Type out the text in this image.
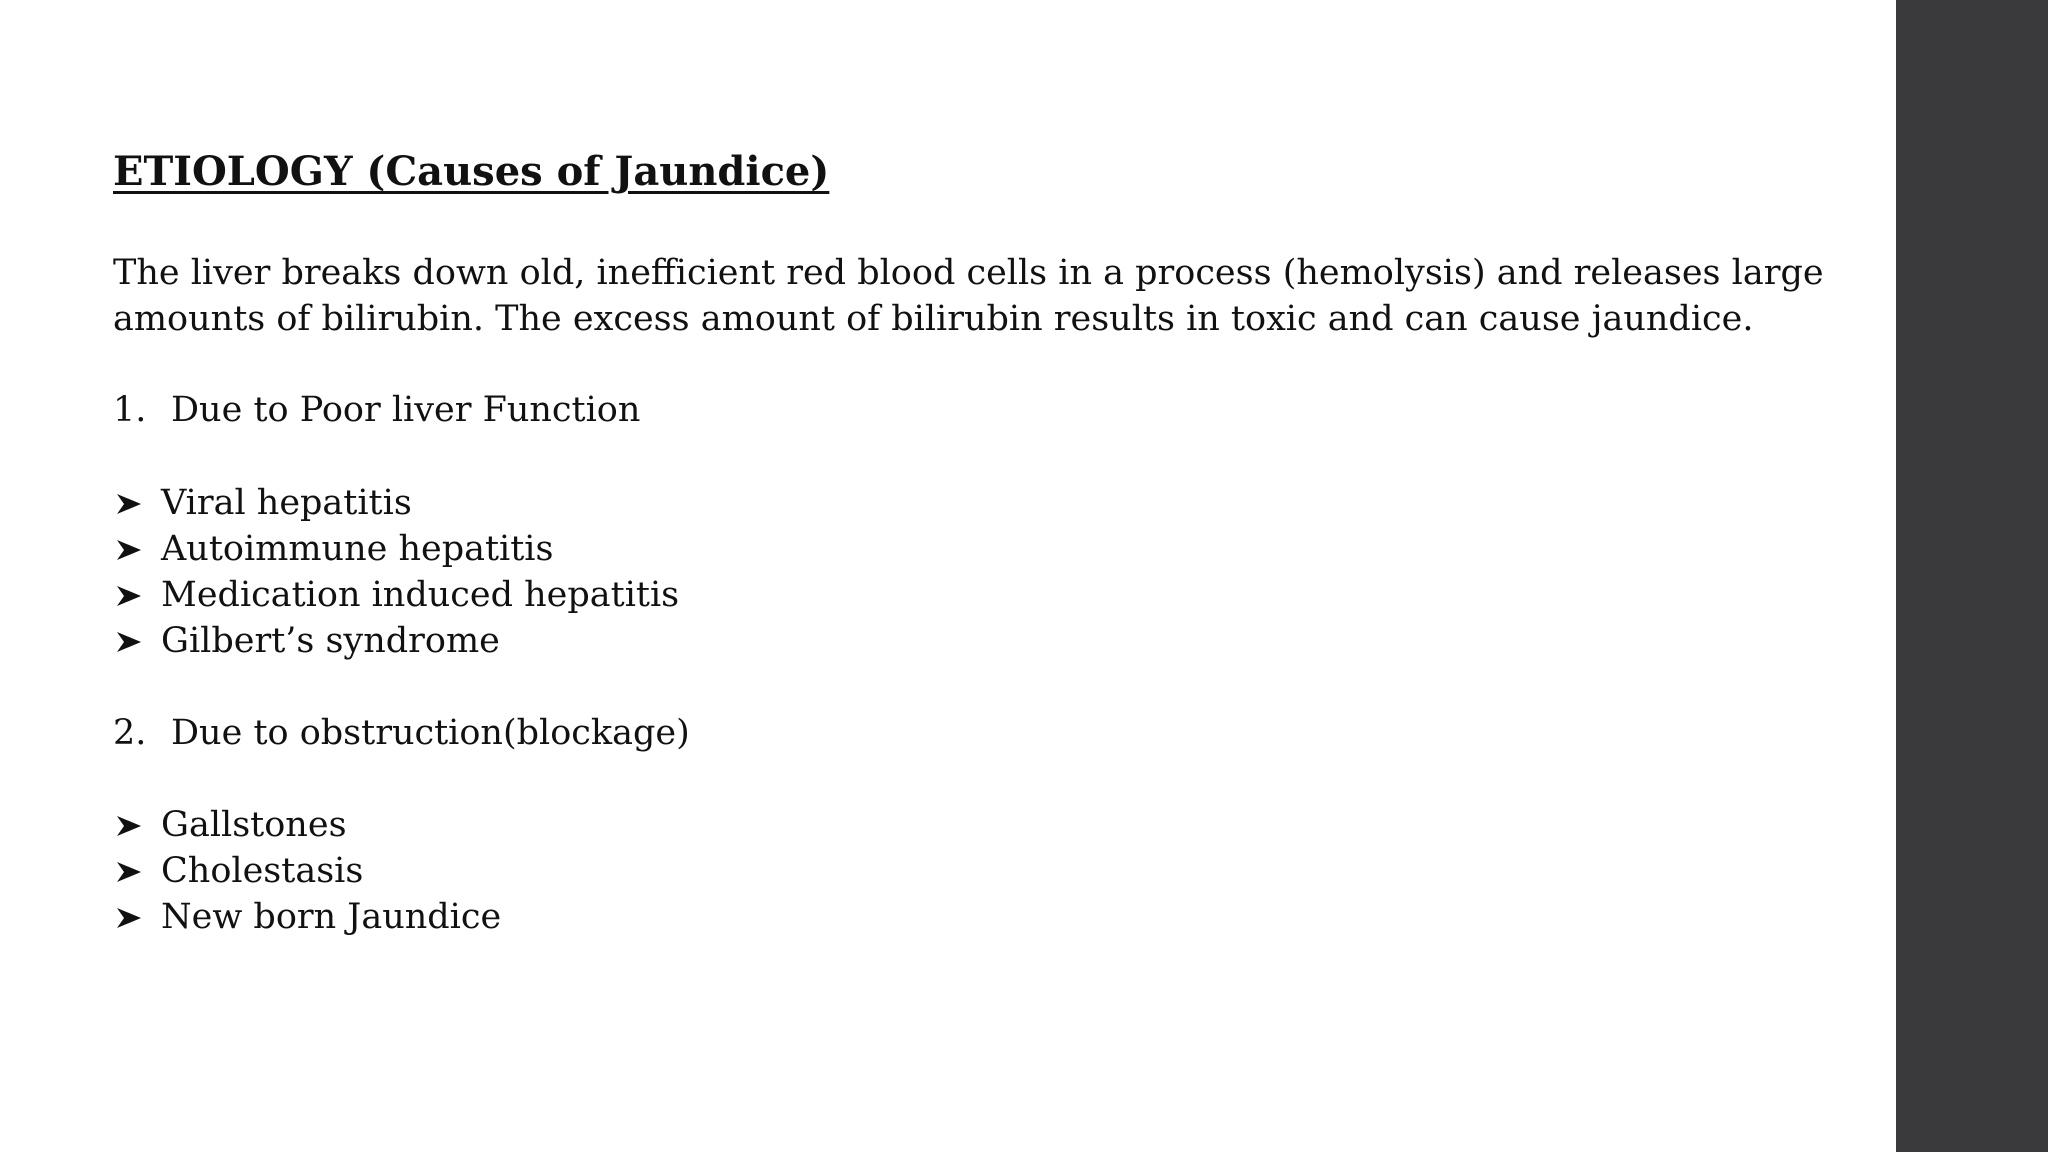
ETIOLOGY (Causes of Jaundice)

The liver breaks down old, inefficient red blood cells in a process (hemolysis) and releases large amounts of bilirubin. The excess amount of bilirubin results in toxic and can cause jaundice.

1. Due to Poor liver Function
Viral hepatitis
Autoimmune hepatitis
Medication induced hepatitis
Gilbert’s syndrome
2. Due to obstruction(blockage)
Gallstones
Cholestasis
New born Jaundice
